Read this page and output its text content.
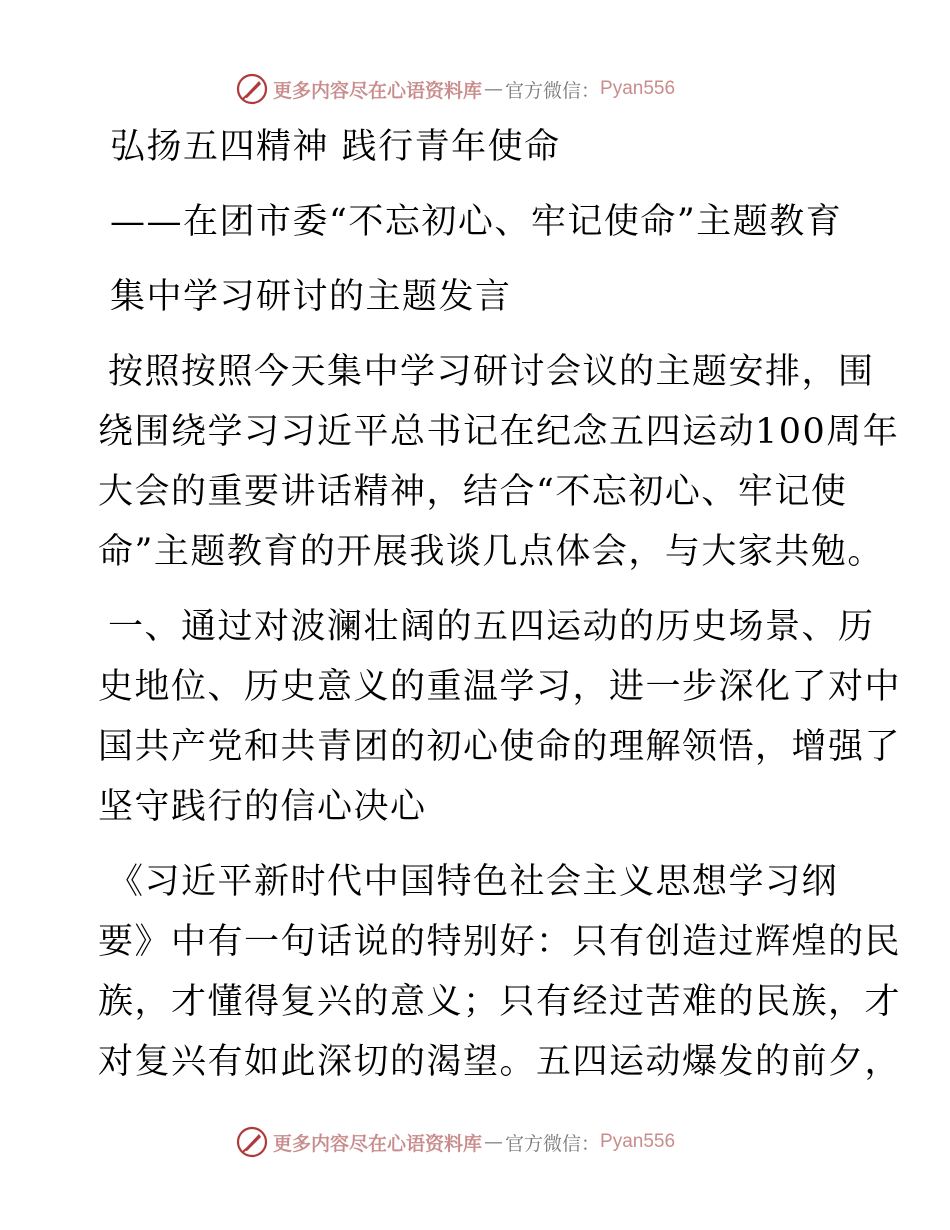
更多内容尽在心语资料库 — 官方微信： Pyan556
弘扬五四精神 践行青年使命
——在团市委“不忘初心、牢记使命”主题教育
集中学习研讨的主题发言
按照按照今天集中学习研讨会议的主题安排，围
绕围绕学习习近平总书记在纪念五四运动100周年
大会的重要讲话精神，结合“不忘初心、牢记使
命”主题教育的开展我谈几点体会，与大家共勉。
一、通过对波澜壮阔的五四运动的历史场景、历
史地位、历史意义的重温学习，进一步深化了对中
国共产党和共青团的初心使命的理解领悟，增强了
坚守践行的信心决心
《习近平新时代中国特色社会主义思想学习纲
要》中有一句话说的特别好：只有创造过辉煌的民
族，才懂得复兴的意义；只有经过苦难的民族，才
对复兴有如此深切的渴望。五四运动爆发的前夕，
更多内容尽在心语资料库 — 官方微信： Pyan556
